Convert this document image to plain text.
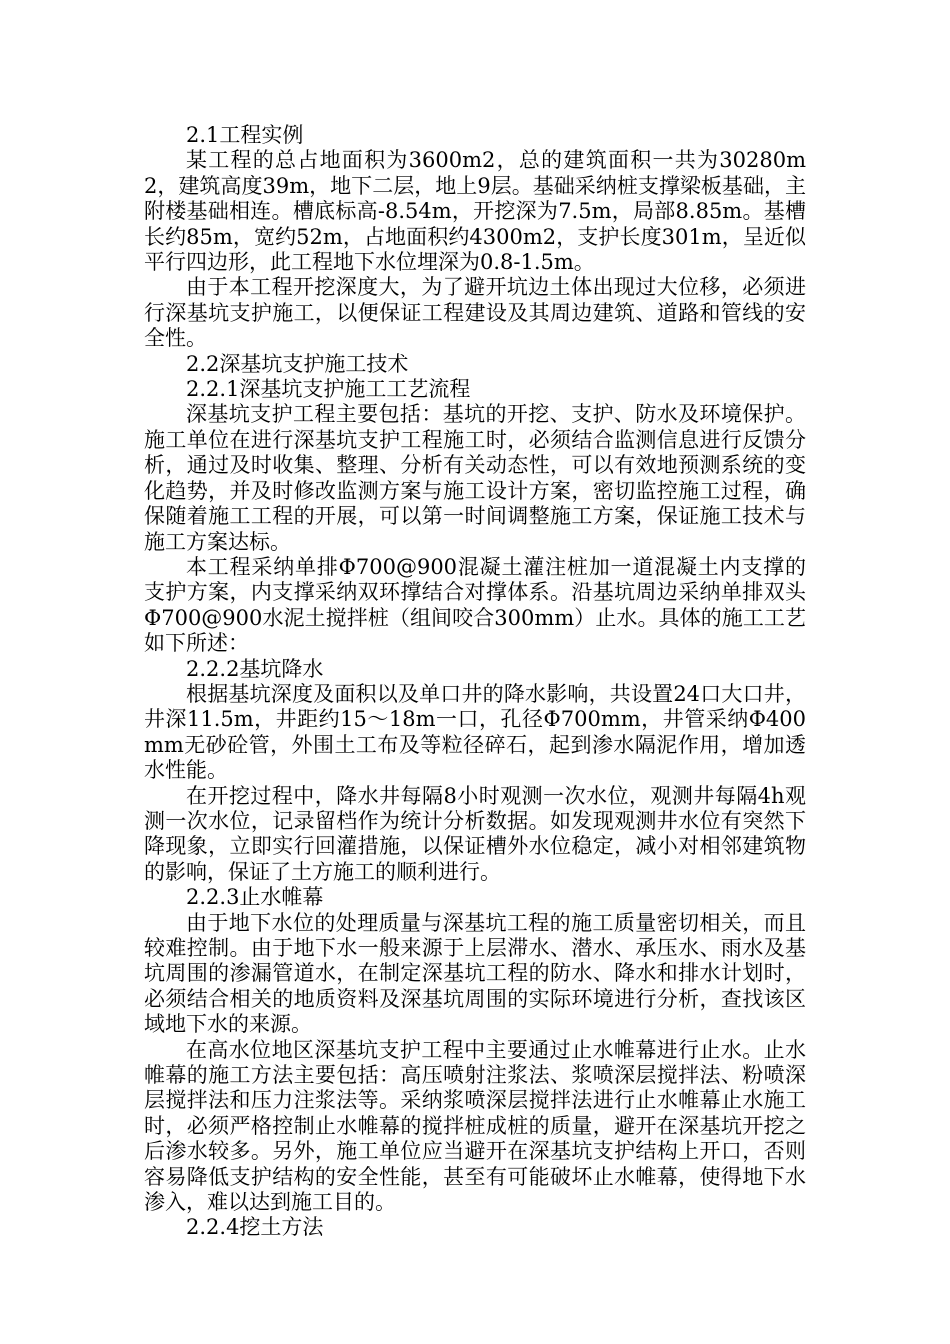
2.1工程实例

某工程的总占地面积为3600m2，总的建筑面积一共为30280m2，建筑高度39m，地下二层，地上9层。基础采纳桩支撑梁板基础，主附楼基础相连。槽底标高-8.54m，开挖深为7.5m，局部8.85m。基槽长约85m，宽约52m，占地面积约4300m2，支护长度301m，呈近似平行四边形，此工程地下水位埋深为0.8-1.5m。

由于本工程开挖深度大，为了避开坑边土体出现过大位移，必须进行深基坑支护施工，以便保证工程建设及其周边建筑、道路和管线的安全性。

2.2深基坑支护施工技术
2.2.1深基坑支护施工工艺流程

深基坑支护工程主要包括：基坑的开挖、支护、防水及环境保护。施工单位在进行深基坑支护工程施工时，必须结合监测信息进行反馈分析，通过及时收集、整理、分析有关动态性，可以有效地预测系统的变化趋势，并及时修改监测方案与施工设计方案，密切监控施工过程，确保随着施工工程的开展，可以第一时间调整施工方案，保证施工技术与施工方案达标。

本工程采纳单排Φ700@900混凝土灌注桩加一道混凝土内支撑的支护方案，内支撑采纳双环撑结合对撑体系。沿基坑周边采纳单排双头Φ700@900水泥土搅拌桩（组间咬合300mm）止水。具体的施工工艺如下所述：

2.2.2基坑降水

根据基坑深度及面积以及单口井的降水影响，共设置24口大口井，井深11.5m，井距约15～18m一口，孔径Φ700mm，井管采纳Φ400mm无砂砼管，外围土工布及等粒径碎石，起到渗水隔泥作用，增加透水性能。

在开挖过程中，降水井每隔8小时观测一次水位，观测井每隔4h观测一次水位，记录留档作为统计分析数据。如发现观测井水位有突然下降现象，立即实行回灌措施，以保证槽外水位稳定，减小对相邻建筑物的影响，保证了土方施工的顺利进行。

2.2.3止水帷幕

由于地下水位的处理质量与深基坑工程的施工质量密切相关，而且较难控制。由于地下水一般来源于上层滞水、潜水、承压水、雨水及基坑周围的渗漏管道水，在制定深基坑工程的防水、降水和排水计划时，必须结合相关的地质资料及深基坑周围的实际环境进行分析，查找该区域地下水的来源。

在高水位地区深基坑支护工程中主要通过止水帷幕进行止水。止水帷幕的施工方法主要包括：高压喷射注浆法、浆喷深层搅拌法、粉喷深层搅拌法和压力注浆法等。采纳浆喷深层搅拌法进行止水帷幕止水施工时，必须严格控制止水帷幕的搅拌桩成桩的质量，避开在深基坑开挖之后渗水较多。另外，施工单位应当避开在深基坑支护结构上开口，否则容易降低支护结构的安全性能，甚至有可能破坏止水帷幕，使得地下水渗入，难以达到施工目的。

2.2.4挖土方法
